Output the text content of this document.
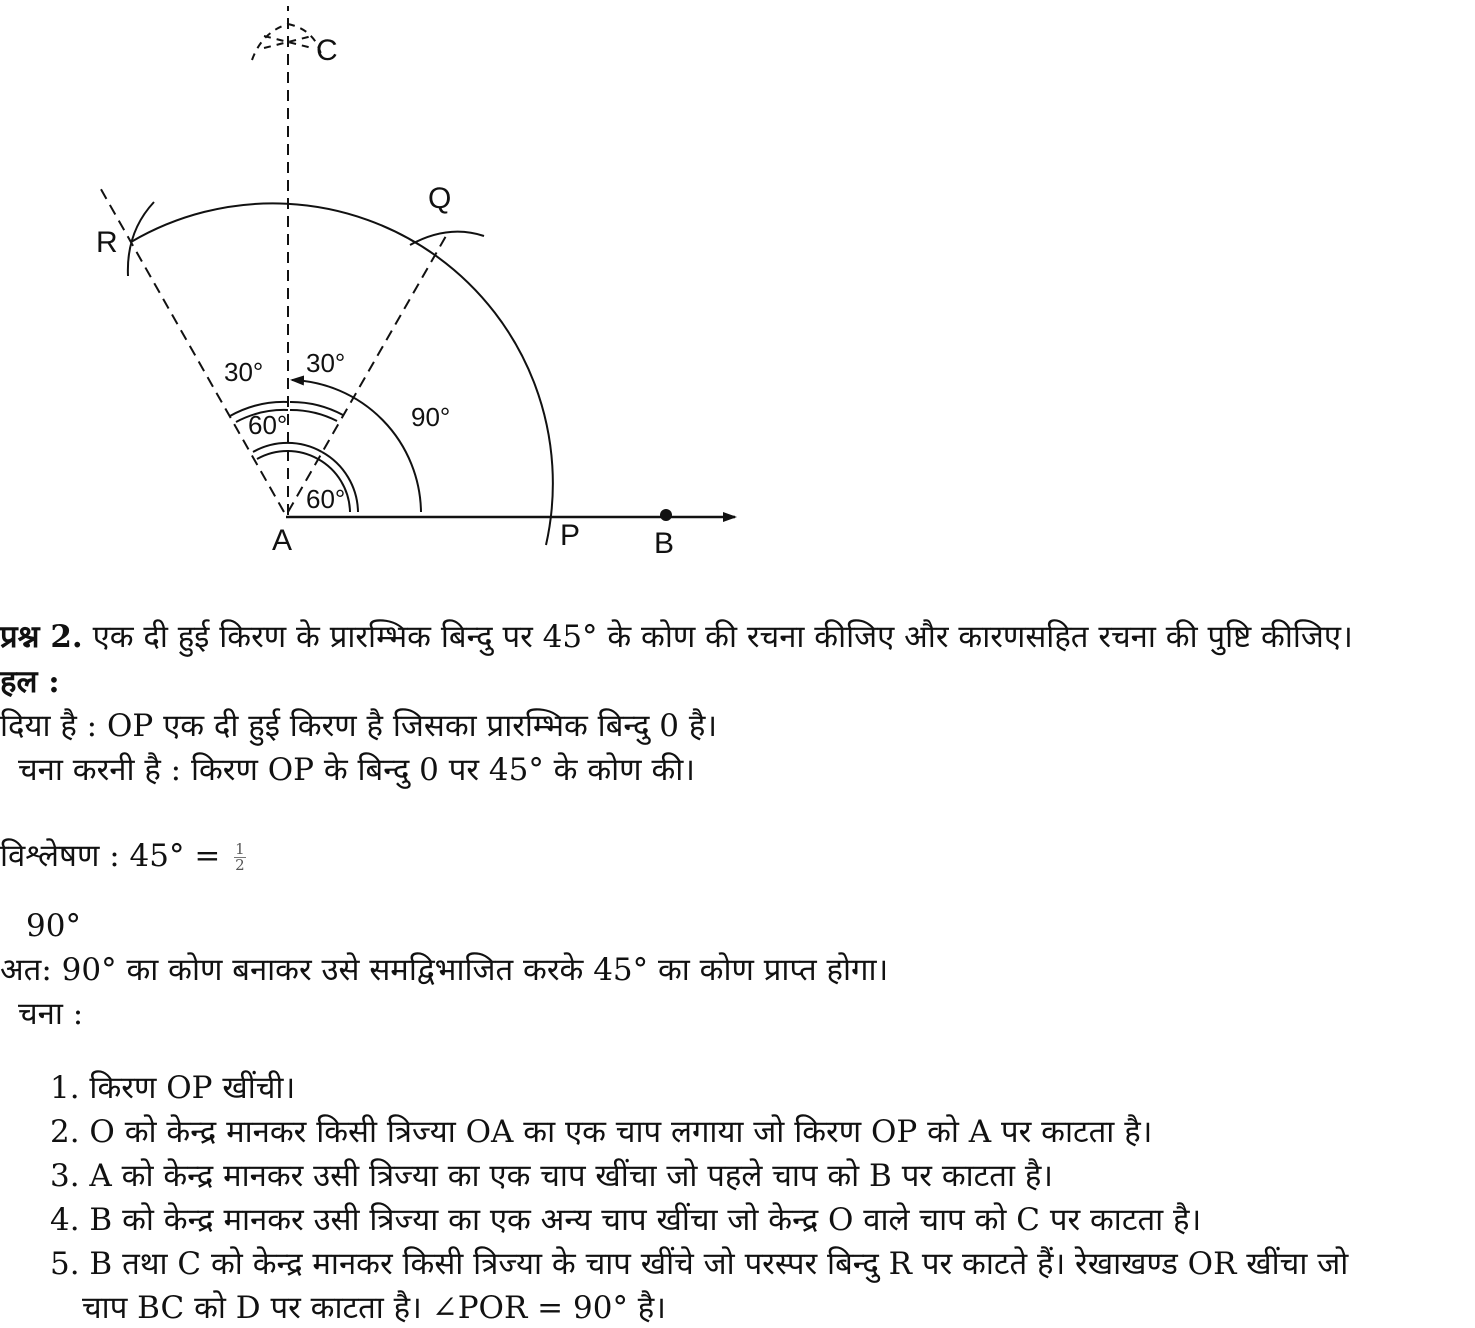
C
Q
R
A	P B
30° 30°
60°
60°
90°
प्रश्न 2. एक दी हुई किरण के प्रारम्भिक बिन्दु पर 45° के कोण की रचना कीजिए और कारणसहित रचना की पुष्टि कीजिए।
हल :
दिया है : OP एक दी हुई किरण है जिसका प्रारम्भिक बिन्दु 0 है।
चना करनी है : किरण OP के बिन्दु 0 पर 45° के कोण की।
विश्लेषण : $45^\circ = \frac{1}{2}$
90°
अत: 90° का कोण बनाकर उसे समद्विभाजित करके 45° का कोण प्राप्त होगा।
चना :
1. किरण OP खींची।
2. O को केन्द्र मानकर किसी त्रिज्या OA का एक चाप लगाया जो किरण OP को A पर काटता है।
3. A को केन्द्र मानकर उसी त्रिज्या का एक चाप खींचा जो पहले चाप को B पर काटता है।
4. B को केन्द्र मानकर उसी त्रिज्या का एक अन्य चाप खींचा जो केन्द्र O वाले चाप को C पर काटता है।
5. B तथा C को केन्द्र मानकर किसी त्रिज्या के चाप खींचे जो परस्पर बिन्दु R पर काटते हैं। रेखाखण्ड OR खींचा जो
चाप BC को D पर काटता है। ∠POR = 90° है।
